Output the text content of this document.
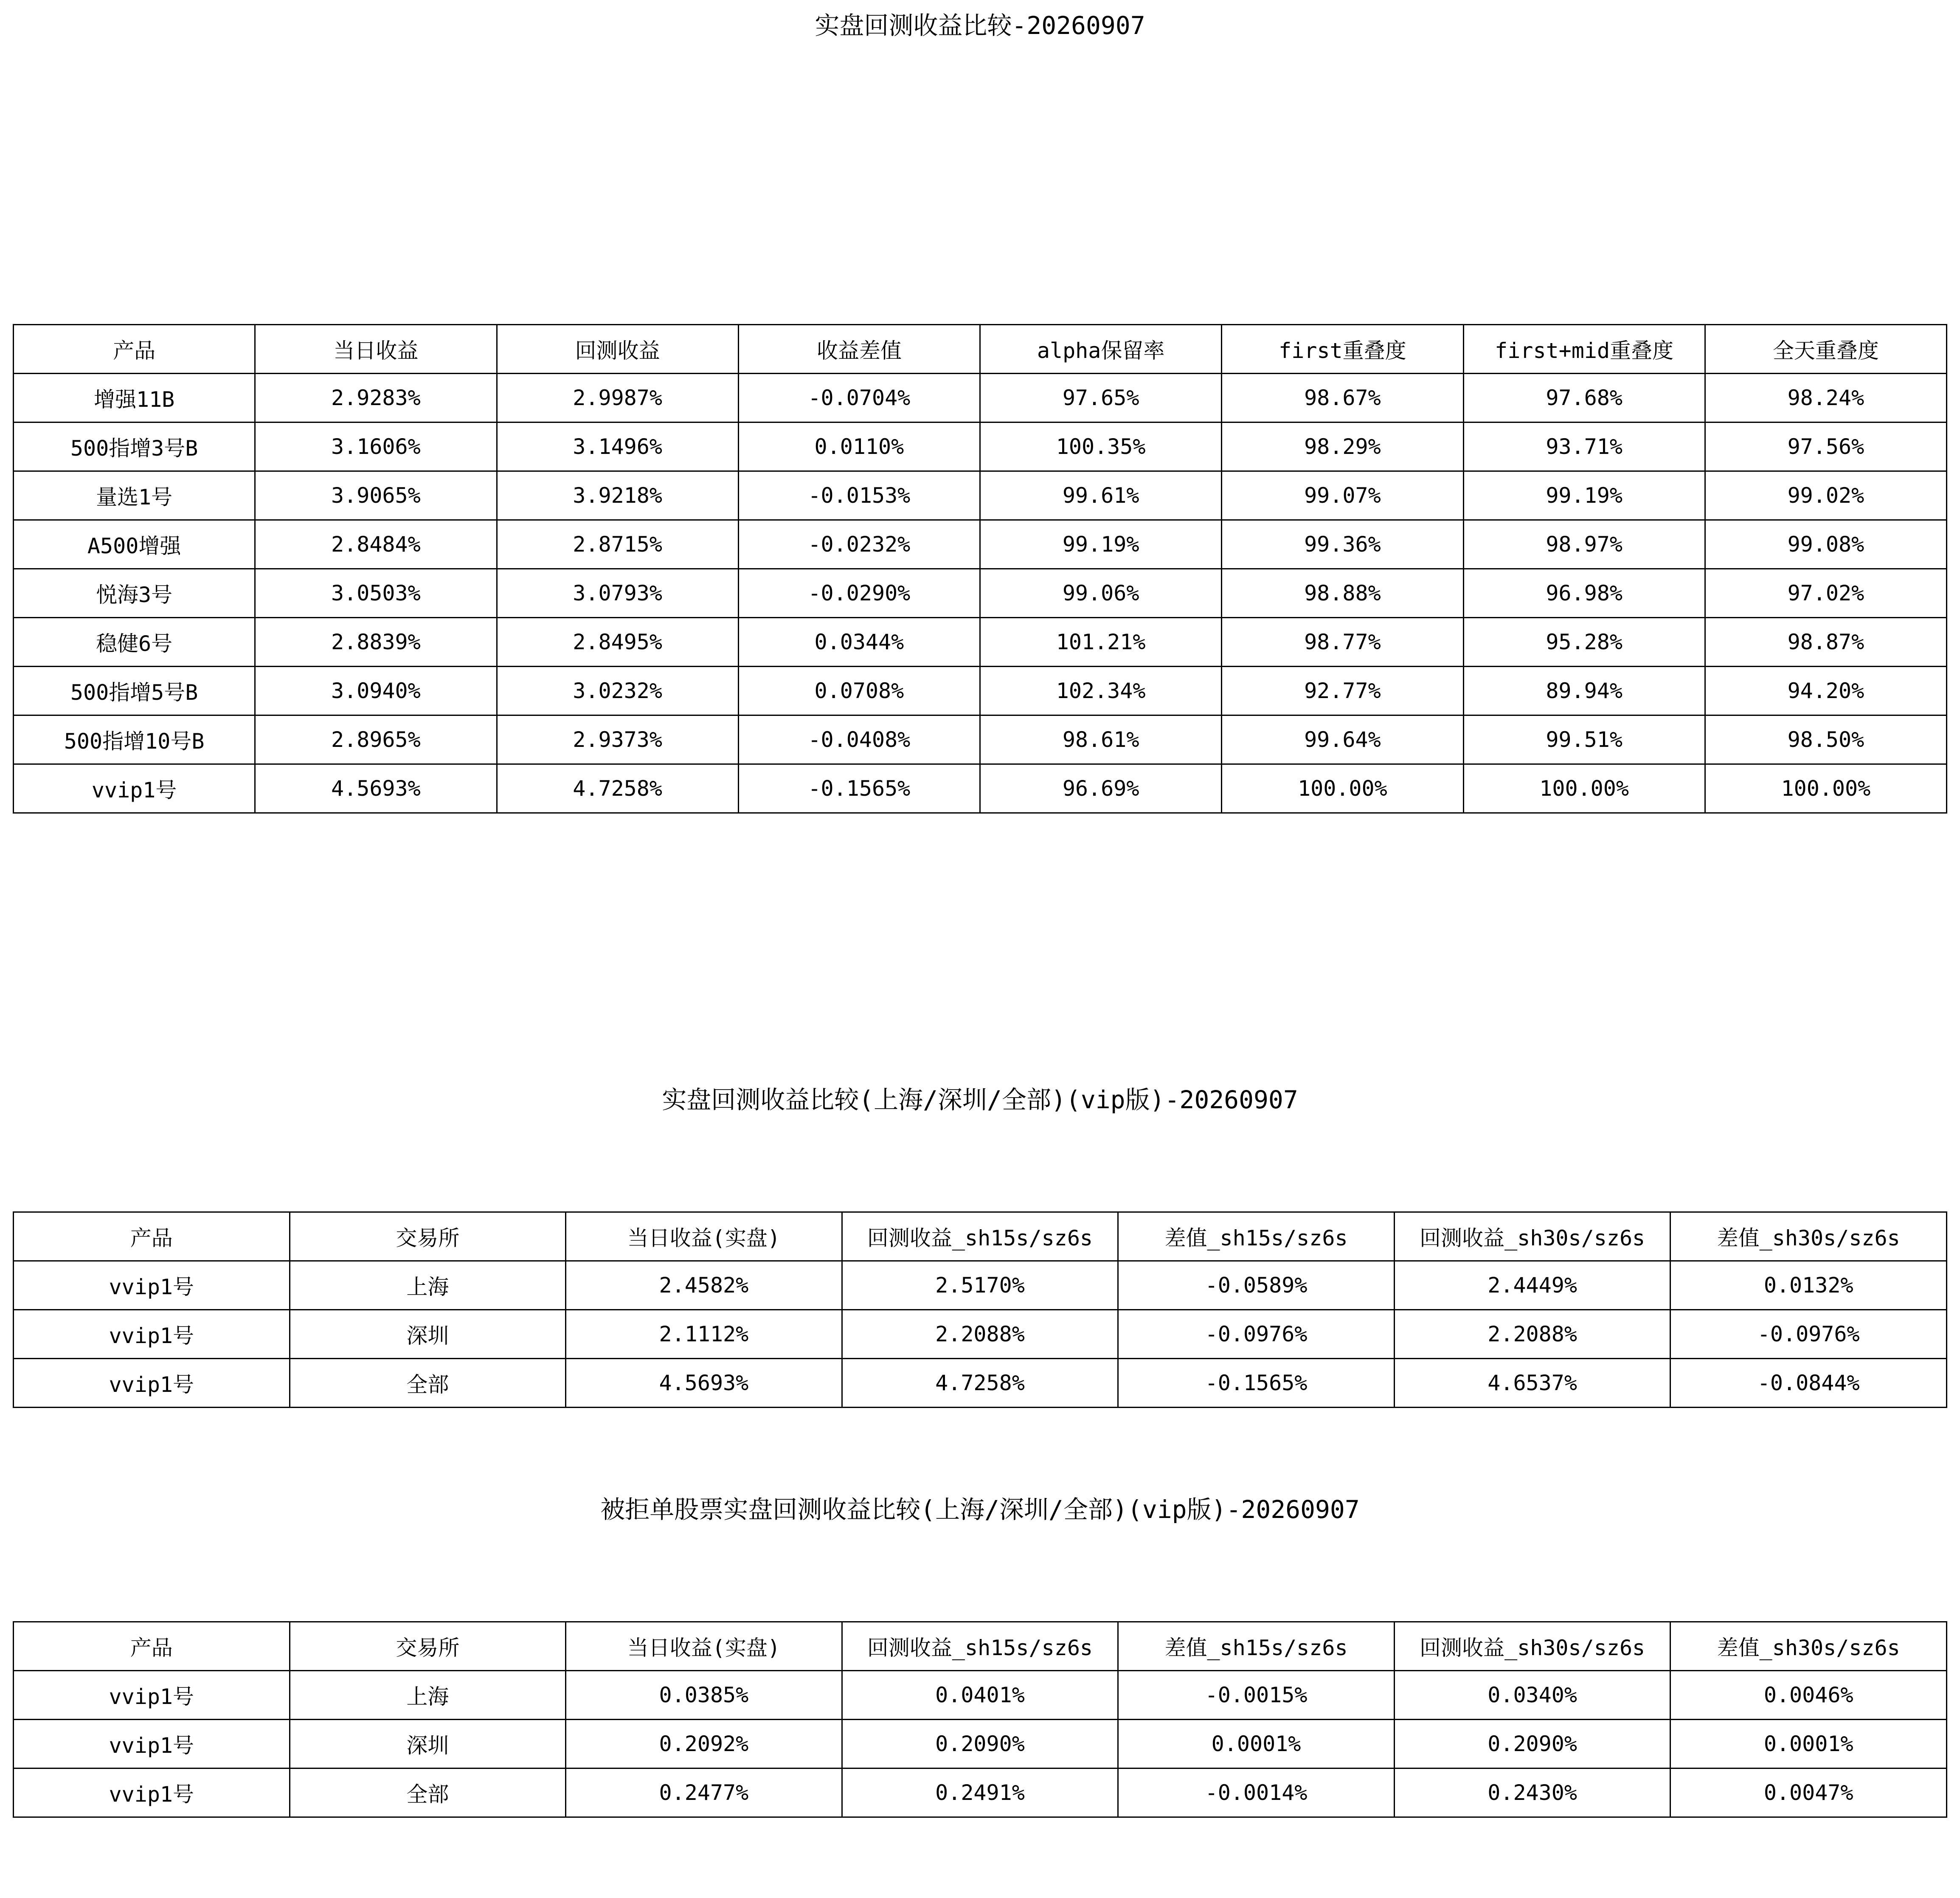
实盘回测收益比较-20260907
产品	当日收益	回测收益	收益差值	alpha保留率	first重叠度	first+mid重叠度	全天重叠度
增强11B	2.9283%	2.9987%	-0.0704%	97.65%	98.67%	97.68%	98.24%
500指增3号B	3.1606%	3.1496%	0.0110%	100.35%	98.29%	93.71%	97.56%
量选1号	3.9065%	3.9218%	-0.0153%	99.61%	99.07%	99.19%	99.02%
A500增强	2.8484%	2.8715%	-0.0232%	99.19%	99.36%	98.97%	99.08%
悦海3号	3.0503%	3.0793%	-0.0290%	99.06%	98.88%	96.98%	97.02%
稳健6号	2.8839%	2.8495%	0.0344%	101.21%	98.77%	95.28%	98.87%
500指增5号B	3.0940%	3.0232%	0.0708%	102.34%	92.77%	89.94%	94.20%
500指增10号B	2.8965%	2.9373%	-0.0408%	98.61%	99.64%	99.51%	98.50%
vvip1号	4.5693%	4.7258%	-0.1565%	96.69%	100.00%	100.00%	100.00%
实盘回测收益比较(上海/深圳/全部)(vip版)-20260907
产品	交易所	当日收益(实盘)	回测收益_sh15s/sz6s	差值_sh15s/sz6s	回测收益_sh30s/sz6s	差值_sh30s/sz6s
vvip1号	上海	2.4582%	2.5170%	-0.0589%	2.4449%	0.0132%
vvip1号	深圳	2.1112%	2.2088%	-0.0976%	2.2088%	-0.0976%
vvip1号	全部	4.5693%	4.7258%	-0.1565%	4.6537%	-0.0844%
被拒单股票实盘回测收益比较(上海/深圳/全部)(vip版)-20260907
产品	交易所	当日收益(实盘)	回测收益_sh15s/sz6s	差值_sh15s/sz6s	回测收益_sh30s/sz6s	差值_sh30s/sz6s
vvip1号	上海	0.0385%	0.0401%	-0.0015%	0.0340%	0.0046%
vvip1号	深圳	0.2092%	0.2090%	0.0001%	0.2090%	0.0001%
vvip1号	全部	0.2477%	0.2491%	-0.0014%	0.2430%	0.0047%
